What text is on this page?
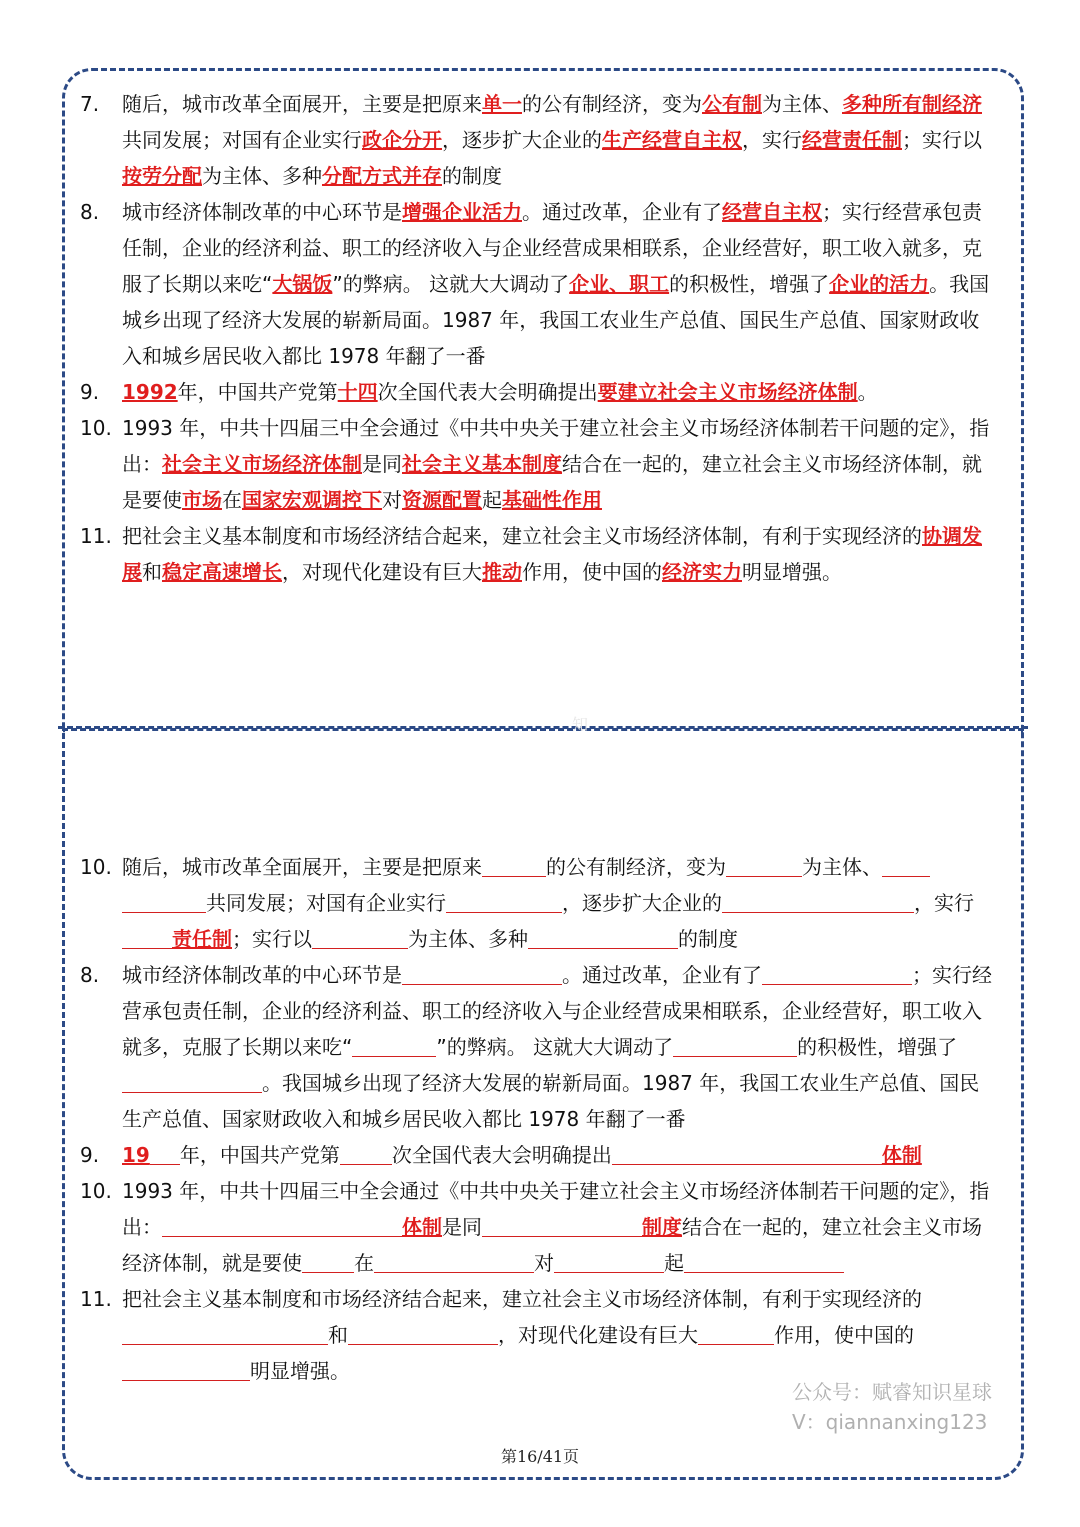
知
7. 随后，城市改革全面展开，主要是把原来单一的公有制经济，变为公有制为主体、多种所有制经济共同发展；对国有企业实行政企分开，逐步扩大企业的生产经营自主权，实行经营责任制；实行以按劳分配为主体、多种分配方式并存的制度
8. 城市经济体制改革的中心环节是增强企业活力。通过改革，企业有了经营自主权；实行经营承包责任制，企业的经济利益、职工的经济收入与企业经营成果相联系，企业经营好，职工收入就多，克服了长期以来吃“大锅饭”的弊病。 这就大大调动了企业、职工的积极性，增强了企业的活力。我国城乡出现了经济大发展的崭新局面。1987 年，我国工农业生产总值、国民生产总值、国家财政收入和城乡居民收入都比 1978 年翻了一番
9. 1992年，中国共产党第十四次全国代表大会明确提出要建立社会主义市场经济体制。
10. 1993 年，中共十四届三中全会通过《中共中央关于建立社会主义市场经济体制若干问题的定》，指出：社会主义市场经济体制是同社会主义基本制度结合在一起的，建立社会主义市场经济体制，就是要使市场在国家宏观调控下对资源配置起基础性作用
11. 把社会主义基本制度和市场经济结合起来，建立社会主义市场经济体制，有利于实现经济的协调发展和稳定高速增长，对现代化建设有巨大推动作用，使中国的经济实力明显增强。
10. 随后，城市改革全面展开，主要是把原来	的公有制经济，变为	为主体、共同发展；对国有企业实行	，逐步扩大企业的	，实行责任制；实行以	为主体、多种	的制度
8. 城市经济体制改革的中心环节是	。通过改革，企业有了	；实行经营承包责任制，企业的经济利益、职工的经济收入与企业经营成果相联系，企业经营好，职工收入就多，克服了长期以来吃“	”的弊病。 这就大大调动了	的积极性，增强了。我国城乡出现了经济大发展的崭新局面。1987 年，我国工农业生产总值、国民生产总值、国家财政收入和城乡居民收入都比 1978 年翻了一番
9. 19 年，中国共产党第	次全国代表大会明确提出	体制
10. 1993 年，中共十四届三中全会通过《中共中央关于建立社会主义市场经济体制若干问题的定》，指出：	体制是同	制度结合在一起的，建立社会主义市场经济体制，就是要使	在	对	起
11. 把社会主义基本制度和市场经济结合起来，建立社会主义市场经济体制，有利于实现经济的和	，对现代化建设有巨大	作用，使中国的明显增强。
公众号：赋睿知识星球
V：qiannanxing123
第16/41页
